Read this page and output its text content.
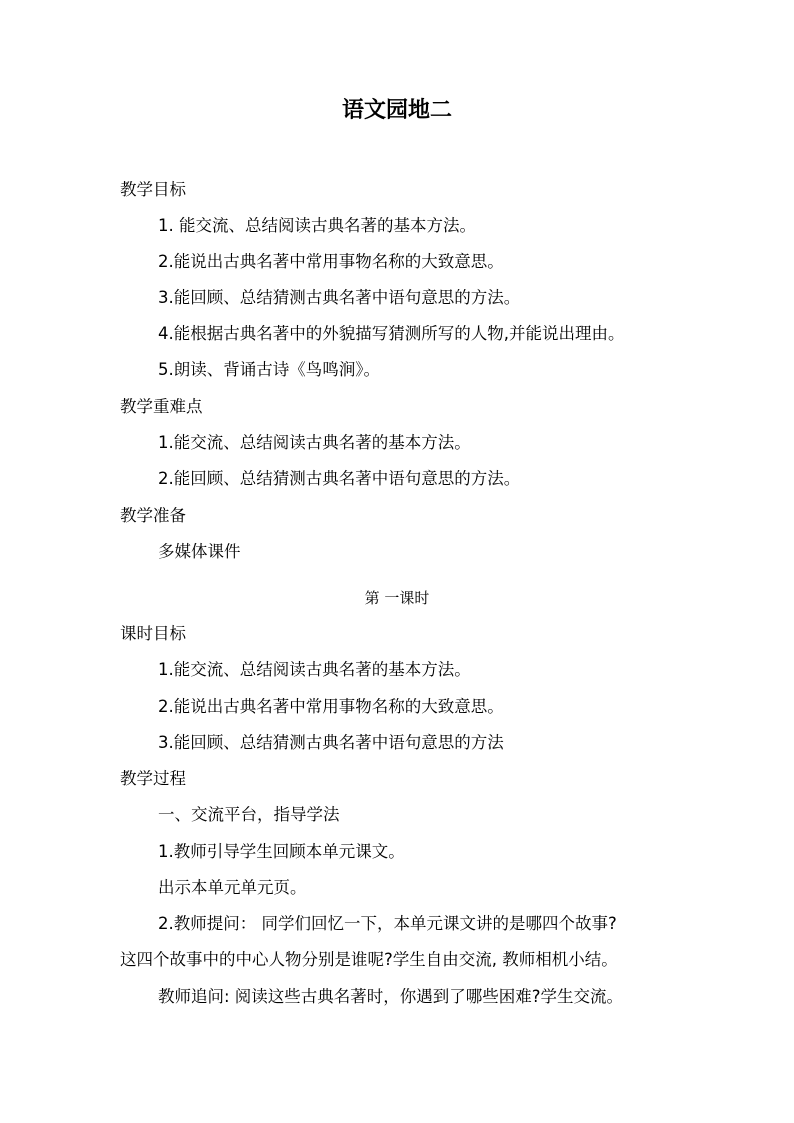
语文园地二
教学目标
1. 能交流、总结阅读古典名著的基本方法。
2.能说出古典名著中常用事物名称的大致意思。
3.能回顾、总结猜测古典名著中语句意思的方法。
4.能根据古典名著中的外貌描写猜测所写的人物,并能说出理由。
5.朗读、背诵古诗《鸟鸣涧》。
教学重难点
1.能交流、总结阅读古典名著的基本方法。
2.能回顾、总结猜测古典名著中语句意思的方法。
教学准备
多媒体课件
第 一课时
课时目标
1.能交流、总结阅读古典名著的基本方法。
2.能说出古典名著中常用事物名称的大致意思。
3.能回顾、总结猜测古典名著中语句意思的方法
教学过程
一、交流平台，指导学法
1.教师引导学生回顾本单元课文。
出示本单元单元页。
2.教师提问： 同学们回忆一下，本单元课文讲的是哪四个故事?
这四个故事中的中心人物分别是谁呢?学生自由交流, 教师相机小结。
教师追问: 阅读这些古典名著时，你遇到了哪些困难?学生交流。
